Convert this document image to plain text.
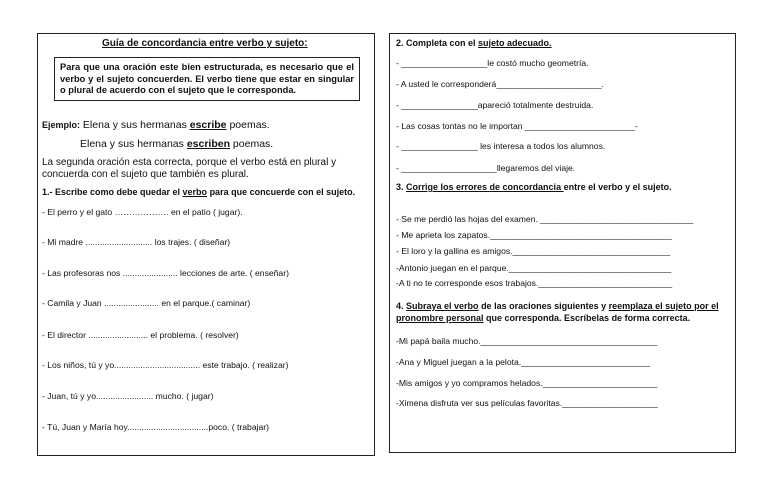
Guía de concordancia entre verbo y sujeto:
Para que una oración este bien estructurada, es necesario que el verbo y el sujeto concuerden. El verbo tiene que estar en singular o plural de acuerdo con el sujeto que le corresponda.
Ejemplo: Elena y sus hermanas escribe poemas.
Elena y sus hermanas escriben poemas.
La segunda oración esta correcta, porque el verbo está en plural y concuerda con el sujeto que también es plural.
1.- Escribe como debe quedar el verbo para que concuerde con el sujeto.
- El perro y el gato ………………. en el patio ( jugar).
- Mi madre ............................ los trajes. ( diseñar)
- Las profesoras nos ....................... lecciones de arte. ( enseñar)
- Camila y Juan ....................... en el parque.( caminar)
- El director ......................... el problema. ( resolver)
- Los niños, tú y yo.................................... este trabajo. ( realizar)
- Juan, tú y yo........................ mucho. ( jugar)
- Tú, Juan y María hoy..................................poco. ( trabajar)
2. Completa con el sujeto adecuado.
- __________________le costó mucho geometría.
- A usted le corresponderá______________________.
- ________________apareció totalmente destruida.
- Las cosas tontas no le importan _______________________-
- ________________ les interesa a todos los alumnos.
- ____________________llegaremos del viaje.
3. Corrige los errores de concordancia entre el verbo y el sujeto.
- Se me perdió las hojas del examen. ________________________________
- Me aprieta los zapatos.______________________________________
- El loro y la gallina es amigos._________________________________
-Antonio juegan en el parque.__________________________________
-A ti no te corresponde esos trabajos.____________________________
4. Subraya el verbo de las oraciones siguientes y reemplaza el sujeto por el
pronombre personal que corresponda. Escríbelas de forma correcta.
-Mi papá baila mucho._____________________________________
-Ana y Miguel juegan a la pelota.___________________________
-Mis amigos y yo compramos helados.________________________
-Ximena disfruta ver sus películas favoritas.____________________
